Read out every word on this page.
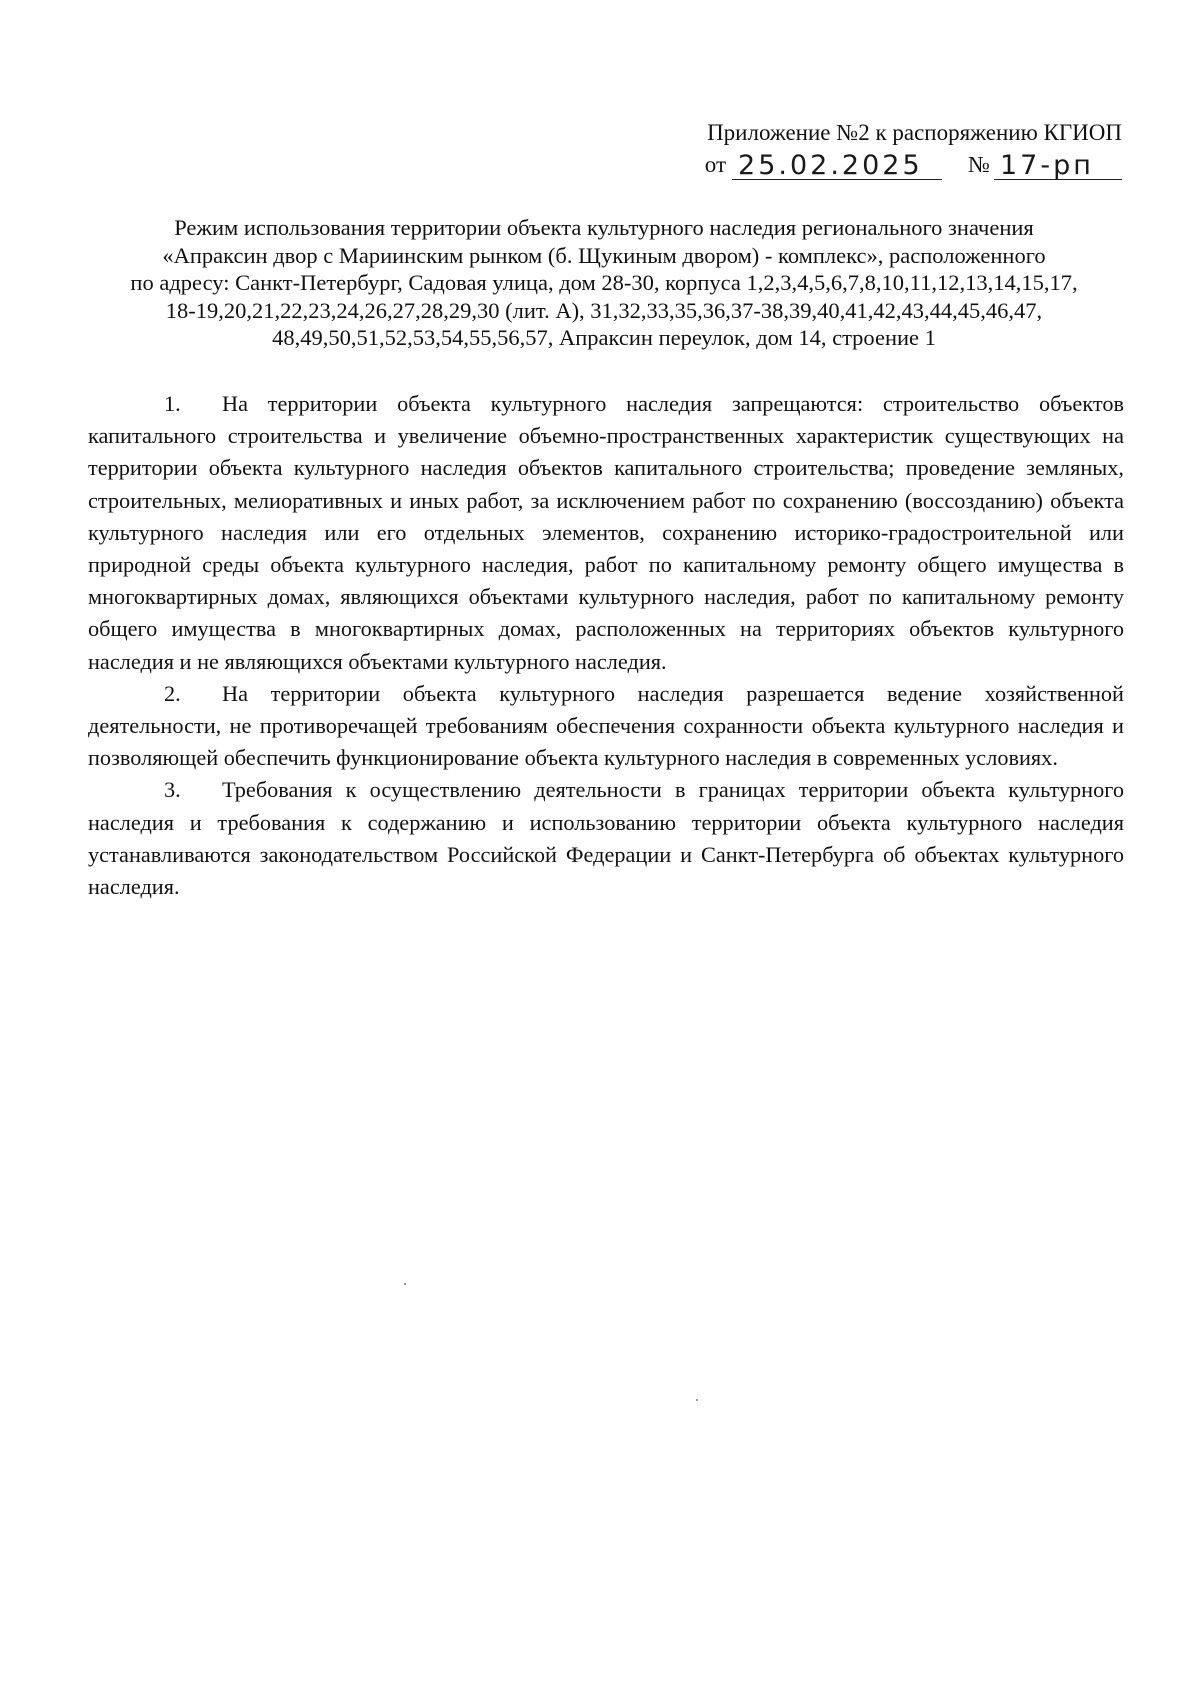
Приложение №2 к распоряжению КГИОП
от 25.02.2025	№ 17-рп
Режим использования территории объекта культурного наследия регионального значения
«Апраксин двор с Мариинским рынком (б. Щукиным двором) - комплекс», расположенного
по адресу: Санкт-Петербург, Садовая улица, дом 28-30, корпуса 1,2,3,4,5,6,7,8,10,11,12,13,14,15,17,
18-19,20,21,22,23,24,26,27,28,29,30 (лит. А), 31,32,33,35,36,37-38,39,40,41,42,43,44,45,46,47,
48,49,50,51,52,53,54,55,56,57, Апраксин переулок, дом 14, строение 1

1. На территории объекта культурного наследия запрещаются: строительство объектов капитального строительства и увеличение объемно-пространственных характеристик существующих на территории объекта культурного наследия объектов капитального строительства; проведение земляных, строительных, мелиоративных и иных работ, за исключением работ по сохранению (воссозданию) объекта культурного наследия или его отдельных элементов, сохранению историко-градостроительной или природной среды объекта культурного наследия, работ по капитальному ремонту общего имущества в многоквартирных домах, являющихся объектами культурного наследия, работ по капитальному ремонту общего имущества в многоквартирных домах, расположенных на территориях объектов культурного наследия и не являющихся объектами культурного наследия.

2. На территории объекта культурного наследия разрешается ведение хозяйственной деятельности, не противоречащей требованиям обеспечения сохранности объекта культурного наследия и позволяющей обеспечить функционирование объекта культурного наследия в современных условиях.

3. Требования к осуществлению деятельности в границах территории объекта культурного наследия и требования к содержанию и использованию территории объекта культурного наследия устанавливаются законодательством Российской Федерации и Санкт-Петербурга об объектах культурного наследия.
